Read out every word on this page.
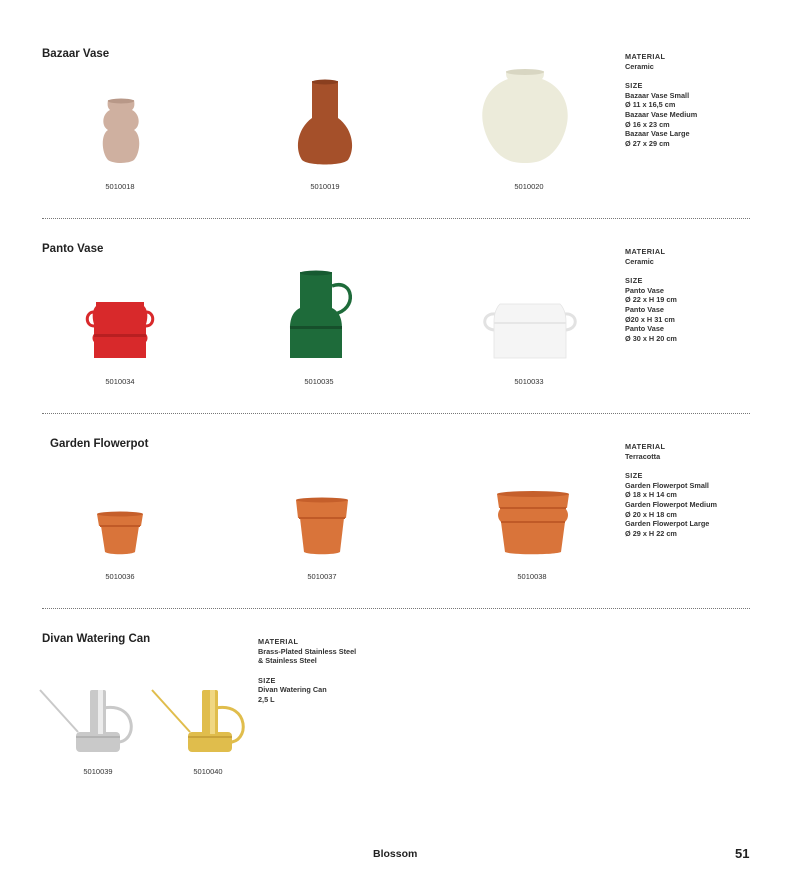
Bazaar Vase
5010018	5010019	5010020
MATERIAL
Ceramic
SIZE
Bazaar Vase Small
Ø 11 x 16,5 cm
Bazaar Vase Medium
Ø 16 x 23 cm
Bazaar Vase Large
Ø 27 x 29 cm
Panto Vase
5010034	5010035	5010033
MATERIAL
Ceramic
SIZE
Panto Vase
Ø 22 x H 19 cm
Panto Vase
Ø20 x H 31 cm
Panto Vase
Ø 30 x H 20 cm
Garden Flowerpot
5010036	5010037	5010038
MATERIAL
Terracotta
SIZE
Garden Flowerpot Small
Ø 18 x H 14 cm
Garden Flowerpot Medium
Ø 20 x H 18 cm
Garden Flowerpot Large
Ø 29 x H 22 cm
Divan Watering Can
5010039	5010040
MATERIAL
Brass-Plated Stainless Steel
& Stainless Steel
SIZE
Divan Watering Can
2,5 L
Blossom	51
